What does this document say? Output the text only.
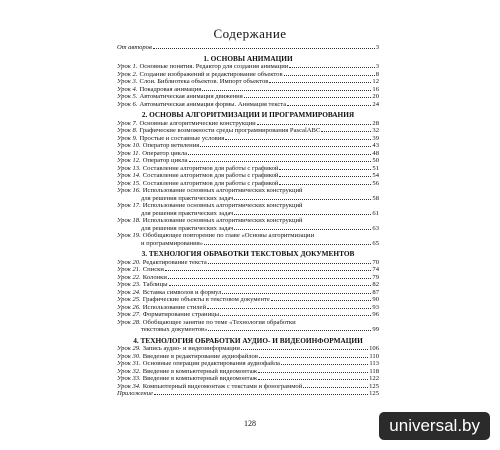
Содержание
От авторов	3
1. ОСНОВЫ АНИМАЦИИ
Урок 1. Основные понятия. Редактор для создания анимации	3
Урок 2. Создание изображений и редактирование объектов	8
Урок 3. Слои. Библиотека объектов. Импорт объектов	12
Урок 4. Покадровая анимация	16
Урок 5. Автоматическая анимация движения	20
Урок 6. Автоматическая анимация формы. Анимация текста	24
2. ОСНОВЫ АЛГОРИТМИЗАЦИИ И ПРОГРАММИРОВАНИЯ
Урок 7. Основные алгоритмические конструкции	28
Урок 8. Графические возможности среды программирования PascalABC	32
Урок 9. Простые и составные условия	39
Урок 10. Оператор ветвления	43
Урок 11. Оператор цикла	48
Урок 12. Оператор цикла	50
Урок 13. Составление алгоритмов для работы с графикой	51
Урок 14. Составление алгоритмов для работы с графикой	54
Урок 15. Составление алгоритмов для работы с графикой	56
Урок 16. Использование основных алгоритмических конструкций
для решения практических задач	58
Урок 17. Использование основных алгоритмических конструкций
для решения практических задач	61
Урок 18. Использование основных алгоритмических конструкций
для решения практических задач	63
Урок 19. Обобщающее повторение по главе «Основы алгоритмизации
и программирования»	65
3. ТЕХНОЛОГИЯ ОБРАБОТКИ ТЕКСТОВЫХ ДОКУМЕНТОВ
Урок 20. Редактирование текста	70
Урок 21. Списки	74
Урок 22. Колонки	79
Урок 23. Таблицы	82
Урок 24. Вставка символов и формул	87
Урок 25. Графические объекты в текстовом документе	90
Урок 26. Использование стилей	93
Урок 27. Форматирование страницы	96
Урок 28. Обобщающее занятие по теме «Технология обработки
текстовых документов»	99
4. ТЕХНОЛОГИЯ ОБРАБОТКИ АУДИО- И ВИДЕОИНФОРМАЦИИ
Урок 29. Запись аудио- и видеоинформации	106
Урок 30. Введение в редактирование аудиофайлов	110
Урок 31. Основные операции редактирования аудиофайла	113
Урок 32. Введение в компьютерный видеомонтаж	118
Урок 33. Введение в компьютерный видеомонтаж	122
Урок 34. Компьютерный видеомонтаж с текстами и фонограммой	125
Приложение	125
128	universal.by
